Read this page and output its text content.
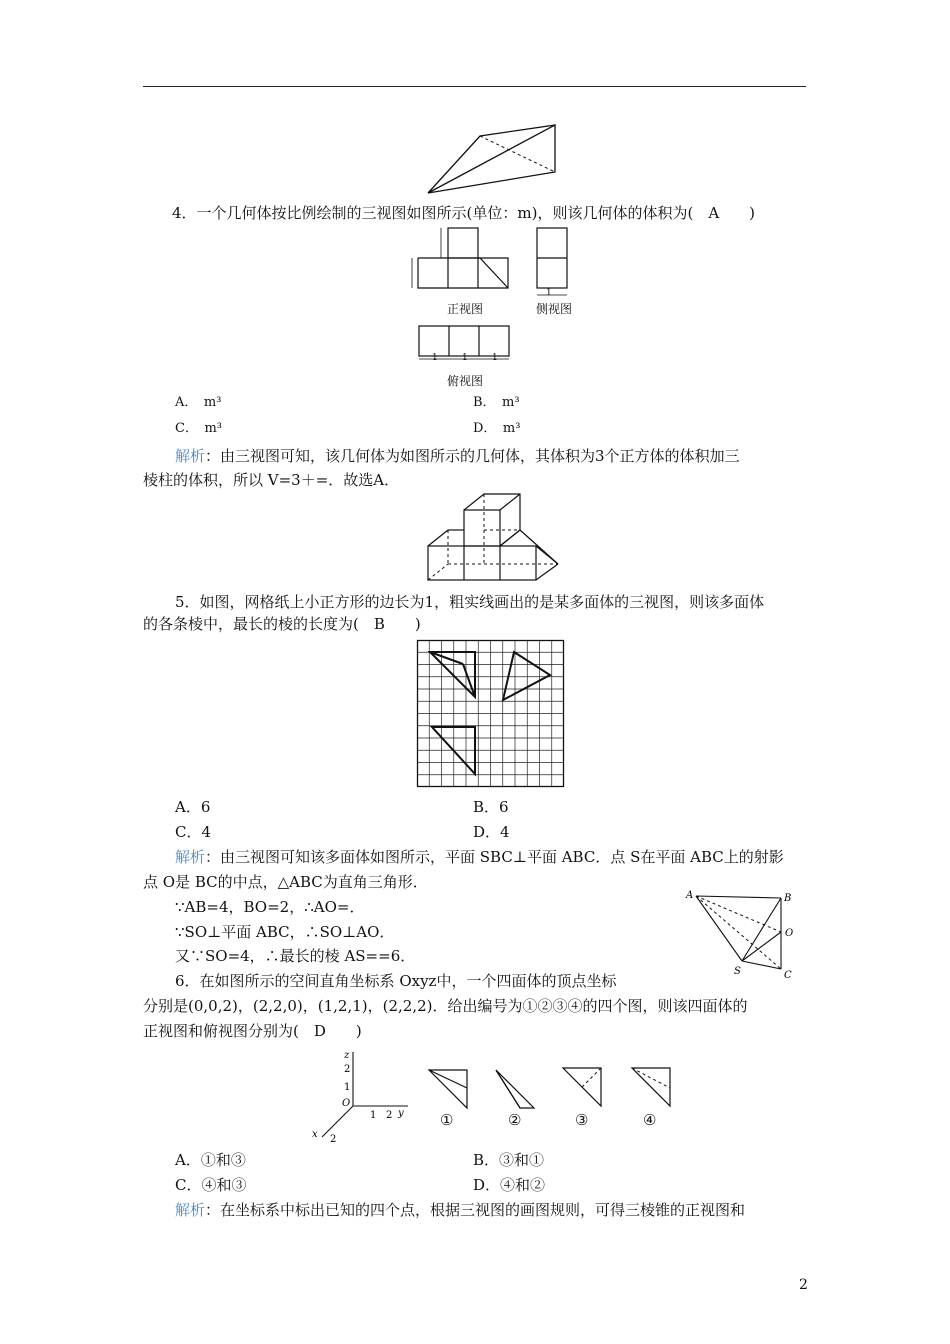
4．一个几何体按比例绘制的三视图如图所示(单位：m)，则该几何体的体积为(　A　　)
正视图
1
侧视图
1	1	1
俯视图
A．　m³	B．　m³
C．　m³	D．　m³
解析：由三视图可知，该几何体为如图所示的几何体，其体积为3个正方体的体积加三
棱柱的体积，所以 V=3＋=．故选A．
5．如图，网格纸上小正方形的边长为1，粗实线画出的是某多面体的三视图，则该多面体
的各条棱中，最长的棱的长度为(　B　　)
A．6	B．6
C．4	D．4
解析：由三视图可知该多面体如图所示，平面 SBC⊥平面 ABC．点 S在平面 ABC上的射影
点 O是 BC的中点，△ABC为直角三角形．
∵AB=4，BO=2，∴AO=．
∵SO⊥平面 ABC，∴SO⊥AO．
又∵SO=4，∴最长的棱 AS==6．
A	B
O
S	C
6．在如图所示的空间直角坐标系 Oxyz中，一个四面体的顶点坐标
分别是(0,0,2)，(2,2,0)，(1,2,1)，(2,2,2)．给出编号为①②③④的四个图，则该四面体的
正视图和俯视图分别为(　D　　)
z
2
1
O
1 2 y
x 2
①	②	③	④
A．①和③	B．③和①
C．④和③	D．④和②
解析：在坐标系中标出已知的四个点，根据三视图的画图规则，可得三棱锥的正视图和
2
